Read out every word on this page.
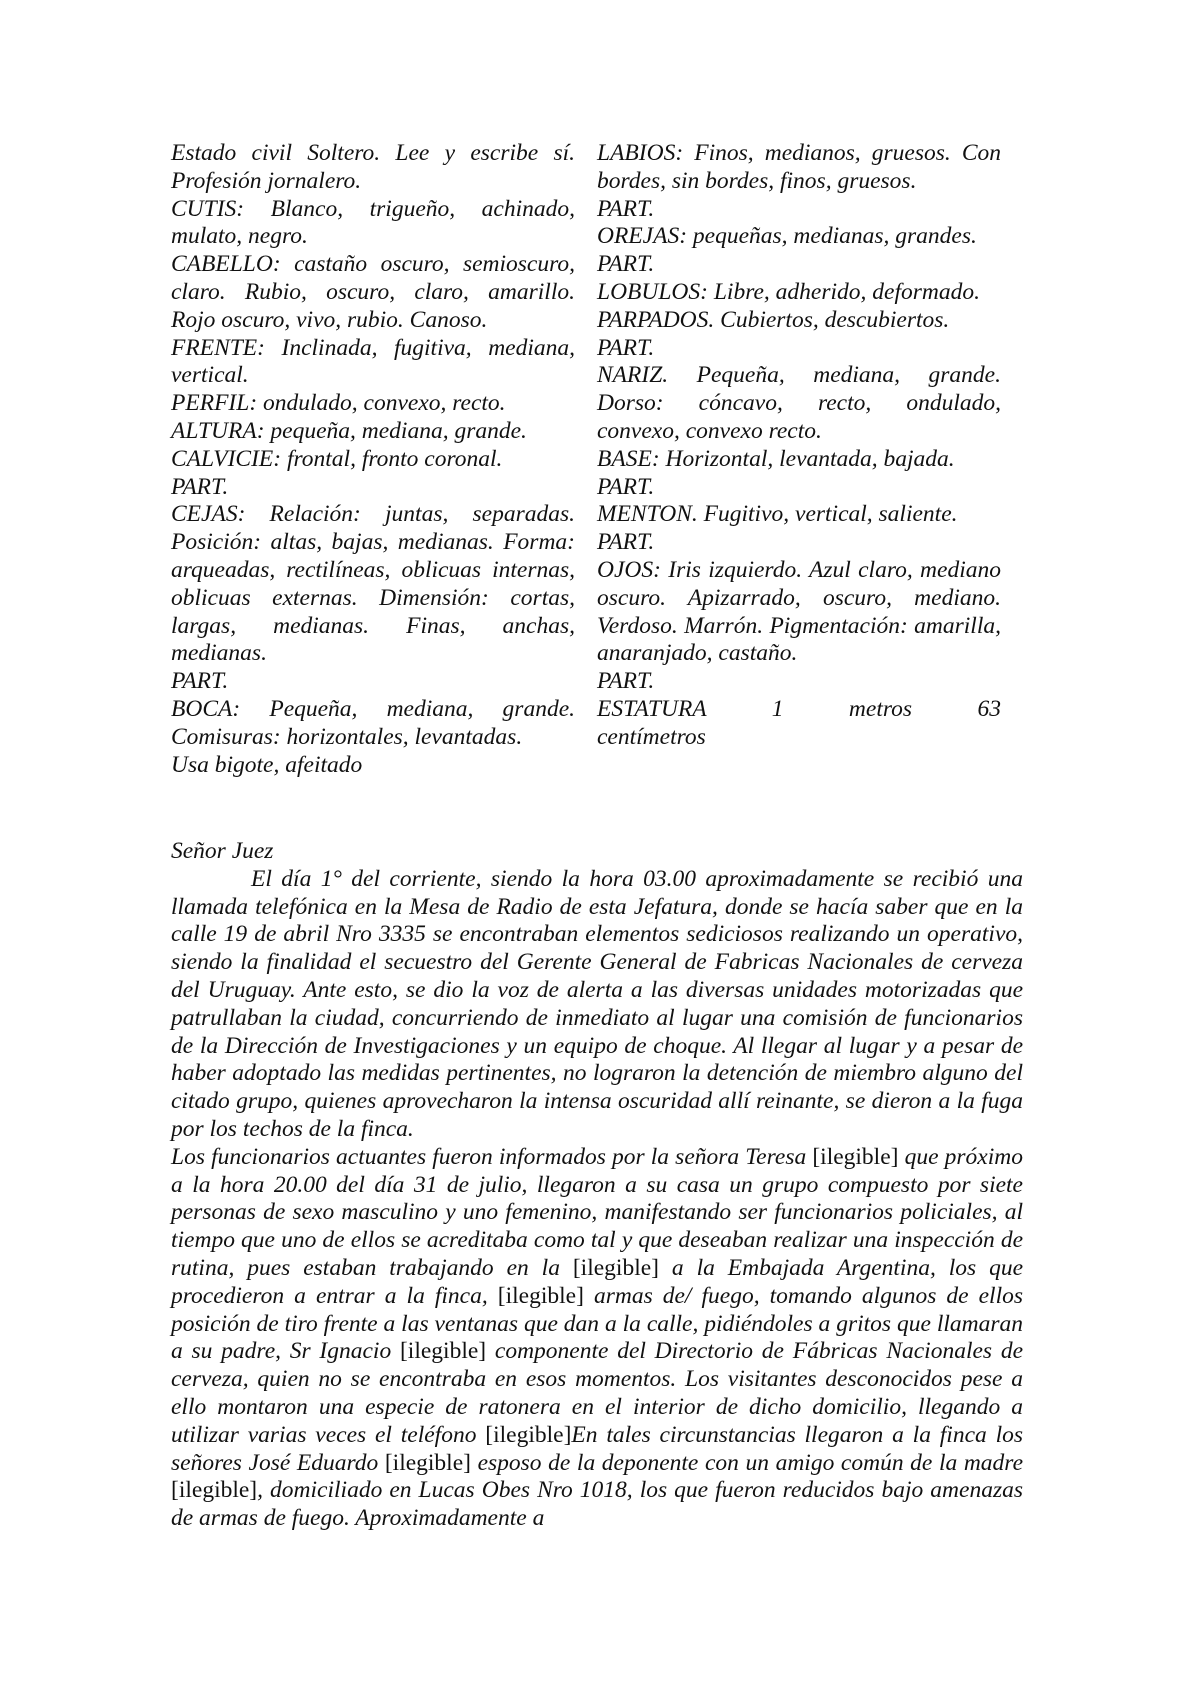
Estado civil Soltero. Lee y escribe sí.
Profesión jornalero.
CUTIS: Blanco, trigueño, achinado,
mulato, negro.
CABELLO: castaño oscuro, semioscuro,
claro. Rubio, oscuro, claro, amarillo.
Rojo oscuro, vivo, rubio. Canoso.
FRENTE: Inclinada, fugitiva, mediana,
vertical.
PERFIL: ondulado, convexo, recto.
ALTURA: pequeña, mediana, grande.
CALVICIE: frontal, fronto coronal.
PART.
CEJAS: Relación: juntas, separadas.
Posición: altas, bajas, medianas. Forma:
arqueadas, rectilíneas, oblicuas internas,
oblicuas externas. Dimensión: cortas,
largas, medianas. Finas, anchas,
medianas.
PART.
BOCA: Pequeña, mediana, grande.
Comisuras: horizontales, levantadas.
Usa bigote, afeitado
LABIOS: Finos, medianos, gruesos. Con
bordes, sin bordes, finos, gruesos.
PART.
OREJAS: pequeñas, medianas, grandes.
PART.
LOBULOS: Libre, adherido, deformado.
PARPADOS. Cubiertos, descubiertos.
PART.
NARIZ. Pequeña, mediana, grande.
Dorso: cóncavo, recto, ondulado,
convexo, convexo recto.
BASE: Horizontal, levantada, bajada.
PART.
MENTON. Fugitivo, vertical, saliente.
PART.
OJOS: Iris izquierdo. Azul claro, mediano
oscuro. Apizarrado, oscuro, mediano.
Verdoso. Marrón. Pigmentación: amarilla,
anaranjado, castaño.
PART.
ESTATURA 1 metros 63
centímetros
Señor Juez
El día 1° del corriente, siendo la hora 03.00 aproximadamente se recibió una llamada telefónica en la Mesa de Radio de esta Jefatura, donde se hacía saber que en la calle 19 de abril Nro 3335 se encontraban elementos sediciosos realizando un operativo, siendo la finalidad el secuestro del Gerente General de Fabricas Nacionales de cerveza del Uruguay. Ante esto, se dio la voz de alerta a las diversas unidades motorizadas que patrullaban la ciudad, concurriendo de inmediato al lugar una comisión de funcionarios de la Dirección de Investigaciones y un equipo de choque. Al llegar al lugar y a pesar de haber adoptado las medidas pertinentes, no lograron la detención de miembro alguno del citado grupo, quienes aprovecharon la intensa oscuridad allí reinante, se dieron a la fuga por los techos de la finca.
Los funcionarios actuantes fueron informados por la señora Teresa [ilegible] que próximo a la hora 20.00 del día 31 de julio, llegaron a su casa un grupo compuesto por siete personas de sexo masculino y uno femenino, manifestando ser funcionarios policiales, al tiempo que uno de ellos se acreditaba como tal y que deseaban realizar una inspección de rutina, pues estaban trabajando en la [ilegible] a la Embajada Argentina, los que procedieron a entrar a la finca, [ilegible] armas de/ fuego, tomando algunos de ellos posición de tiro frente a las ventanas que dan a la calle, pidiéndoles a gritos que llamaran a su padre, Sr Ignacio [ilegible] componente del Directorio de Fábricas Nacionales de cerveza, quien no se encontraba en esos momentos. Los visitantes desconocidos pese a ello montaron una especie de ratonera en el interior de dicho domicilio, llegando a utilizar varias veces el teléfono [ilegible]En tales circunstancias llegaron a la finca los señores José Eduardo [ilegible] esposo de la deponente con un amigo común de la madre [ilegible], domiciliado en Lucas Obes Nro 1018, los que fueron reducidos bajo amenazas de armas de fuego. Aproximadamente a
